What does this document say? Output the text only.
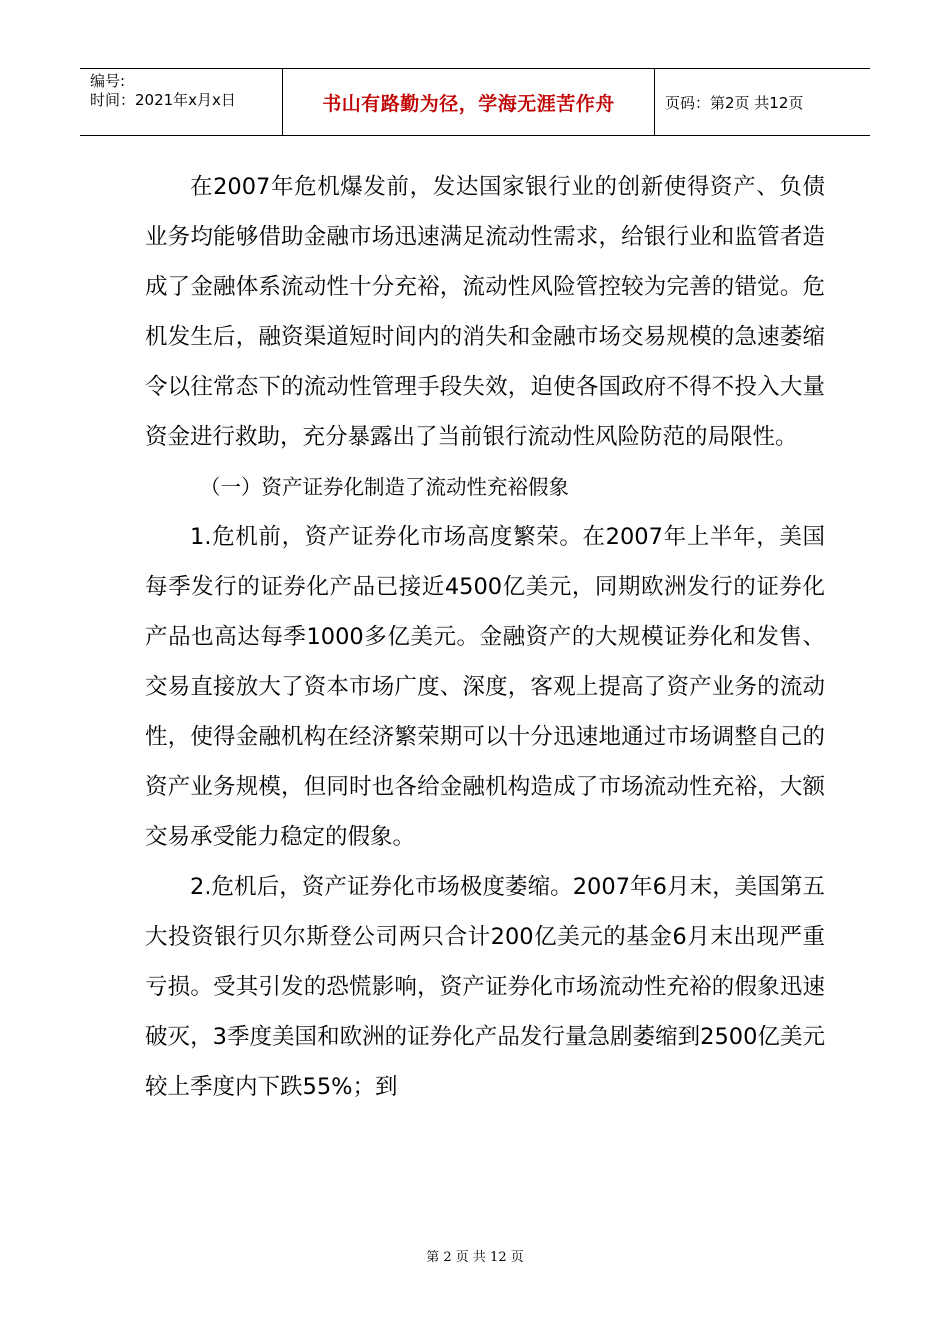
编号:
时间：2021年x月x日	书山有路勤为径，学海无涯苦作舟	页码：第2页 共12页

在2007年危机爆发前，发达国家银行业的创新使得资产、负债业务均能够借助金融市场迅速满足流动性需求，给银行业和监管者造成了金融体系流动性十分充裕，流动性风险管控较为完善的错觉。危机发生后，融资渠道短时间内的消失和金融市场交易规模的急速萎缩令以往常态下的流动性管理手段失效，迫使各国政府不得不投入大量资金进行救助，充分暴露出了当前银行流动性风险防范的局限性。

（一）资产证券化制造了流动性充裕假象

1.危机前，资产证券化市场高度繁荣。在2007年上半年，美国每季发行的证券化产品已接近4500亿美元，同期欧洲发行的证券化产品也高达每季1000多亿美元。金融资产的大规模证券化和发售、交易直接放大了资本市场广度、深度，客观上提高了资产业务的流动性，使得金融机构在经济繁荣期可以十分迅速地通过市场调整自己的资产业务规模，但同时也各给金融机构造成了市场流动性充裕，大额交易承受能力稳定的假象。

2.危机后，资产证券化市场极度萎缩。2007年6月末，美国第五大投资银行贝尔斯登公司两只合计200亿美元的基金6月末出现严重亏损。受其引发的恐慌影响，资产证券化市场流动性充裕的假象迅速破灭，3季度美国和欧洲的证券化产品发行量急剧萎缩到2500亿美元较上季度内下跌55%；到

第 2 页 共 12 页
